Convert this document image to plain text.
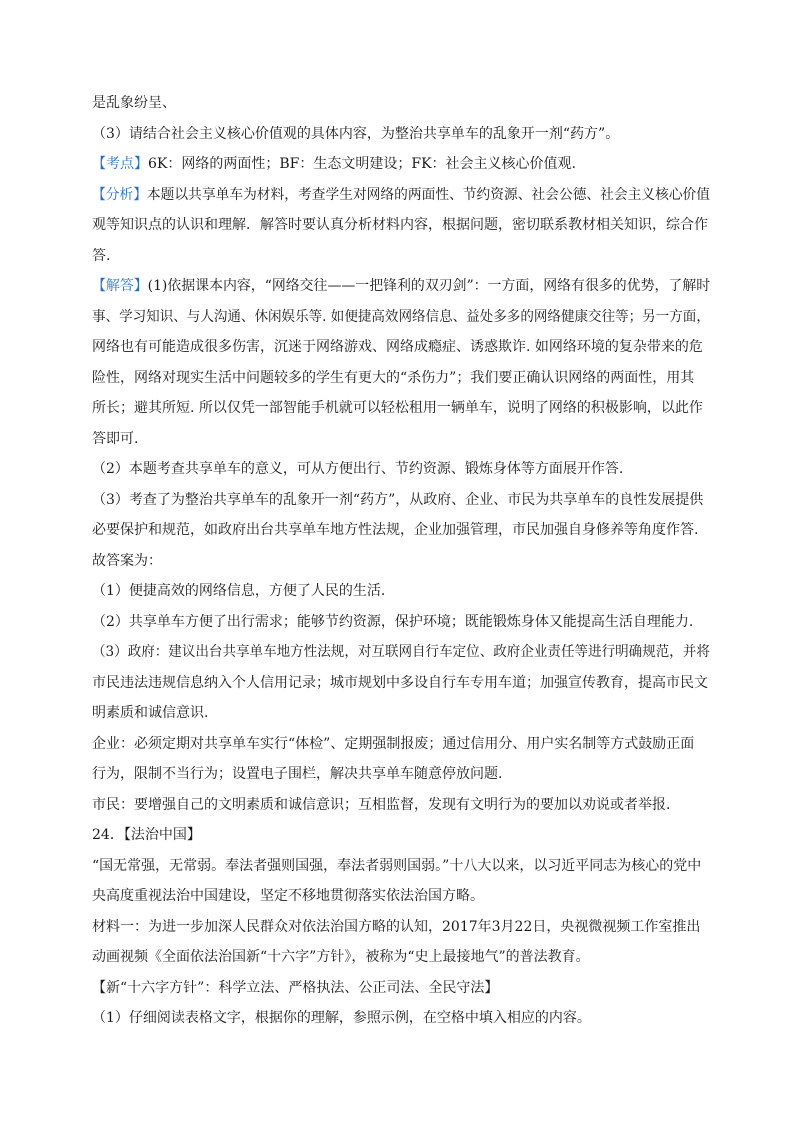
是乱象纷呈、
（3）请结合社会主义核心价值观的具体内容，为整治共享单车的乱象开一剂“药方”。
【考点】6K：网络的两面性；BF：生态文明建设；FK：社会主义核心价值观.
【分析】本题以共享单车为材料，考查学生对网络的两面性、节约资源、社会公德、社会主义核心价值
观等知识点的认识和理解．解答时要认真分析材料内容，根据问题，密切联系教材相关知识，综合作
答.
【解答】(1)依据课本内容，“网络交往——一把锋利的双刃剑”：一方面，网络有很多的优势，了解时
事、学习知识、与人沟通、休闲娱乐等. 如便捷高效网络信息、益处多多的网络健康交往等；另一方面，
网络也有可能造成很多伤害，沉迷于网络游戏、网络成瘾症、诱惑欺诈. 如网络环境的复杂带来的危
险性，网络对现实生活中问题较多的学生有更大的“杀伤力”；我们要正确认识网络的两面性，用其
所长；避其所短. 所以仅凭一部智能手机就可以轻松租用一辆单车，说明了网络的积极影响，以此作
答即可.
（2）本题考查共享单车的意义，可从方便出行、节约资源、锻炼身体等方面展开作答.
（3）考查了为整治共享单车的乱象开一剂“药方”，从政府、企业、市民为共享单车的良性发展提供
必要保护和规范，如政府出台共享单车地方性法规，企业加强管理，市民加强自身修养等角度作答.
故答案为：
（1）便捷高效的网络信息，方便了人民的生活.
（2）共享单车方便了出行需求；能够节约资源，保护环境；既能锻炼身体又能提高生活自理能力.
（3）政府：建议出台共享单车地方性法规，对互联网自行车定位、政府企业责任等进行明确规范，并将
市民违法违规信息纳入个人信用记录；城市规划中多设自行车专用车道；加强宣传教育，提高市民文
明素质和诚信意识.
企业：必须定期对共享单车实行“体检”、定期强制报废；通过信用分、用户实名制等方式鼓励正面
行为，限制不当行为；设置电子围栏，解决共享单车随意停放问题.
市民：要增强自己的文明素质和诚信意识；互相监督，发现有文明行为的要加以劝说或者举报.
24．【法治中国】
“国无常强，无常弱。奉法者强则国强，奉法者弱则国弱。”十八大以来，以习近平同志为核心的党中
央高度重视法治中国建设，坚定不移地贯彻落实依法治国方略。
材料一：为进一步加深人民群众对依法治国方略的认知，2017年3月22日，央视微视频工作室推出
动画视频《全面依法治国新“十六字”方针》，被称为“史上最接地气”的普法教育。
【新“十六字方针”：科学立法、严格执法、公正司法、全民守法】
（1）仔细阅读表格文字，根据你的理解，参照示例，在空格中填入相应的内容。
